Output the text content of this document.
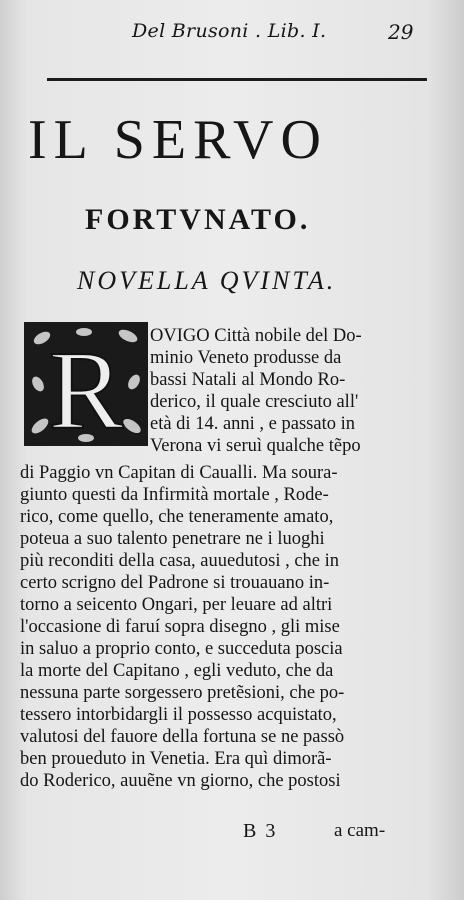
Del Brusoni . Lib. I.	29
IL SERVO
FORTVNATO.
NOVELLA QVINTA.
R OVIGO Città nobile del Do-
minio Veneto produsse da
bassi Natali al Mondo Ro-
derico, il quale cresciuto all'
età di 14. anni , e passato in
Verona vi seruì qualche tẽpo
di Paggio vn Capitan di Caualli. Ma soura-
giunto questi da Infirmità mortale , Rode-
rico, come quello, che teneramente amato,
poteua a suo talento penetrare ne i luoghi
più reconditi della casa, auuedutosi , che in
certo scrigno del Padrone si trouauano in-
torno a seicento Ongari, per leuare ad altri
l'occasione di faruí sopra disegno , gli mise
in saluo a proprio conto, e succeduta poscia
la morte del Capitano , egli veduto, che da
nessuna parte sorgessero pretẽsioni, che po-
tessero intorbidargli il possesso acquistato,
valutosi del fauore della fortuna se ne passò
ben proueduto in Venetia. Era quì dimorã-
do Roderico, auuẽne vn giorno, che postosi
B 3	a cam-
